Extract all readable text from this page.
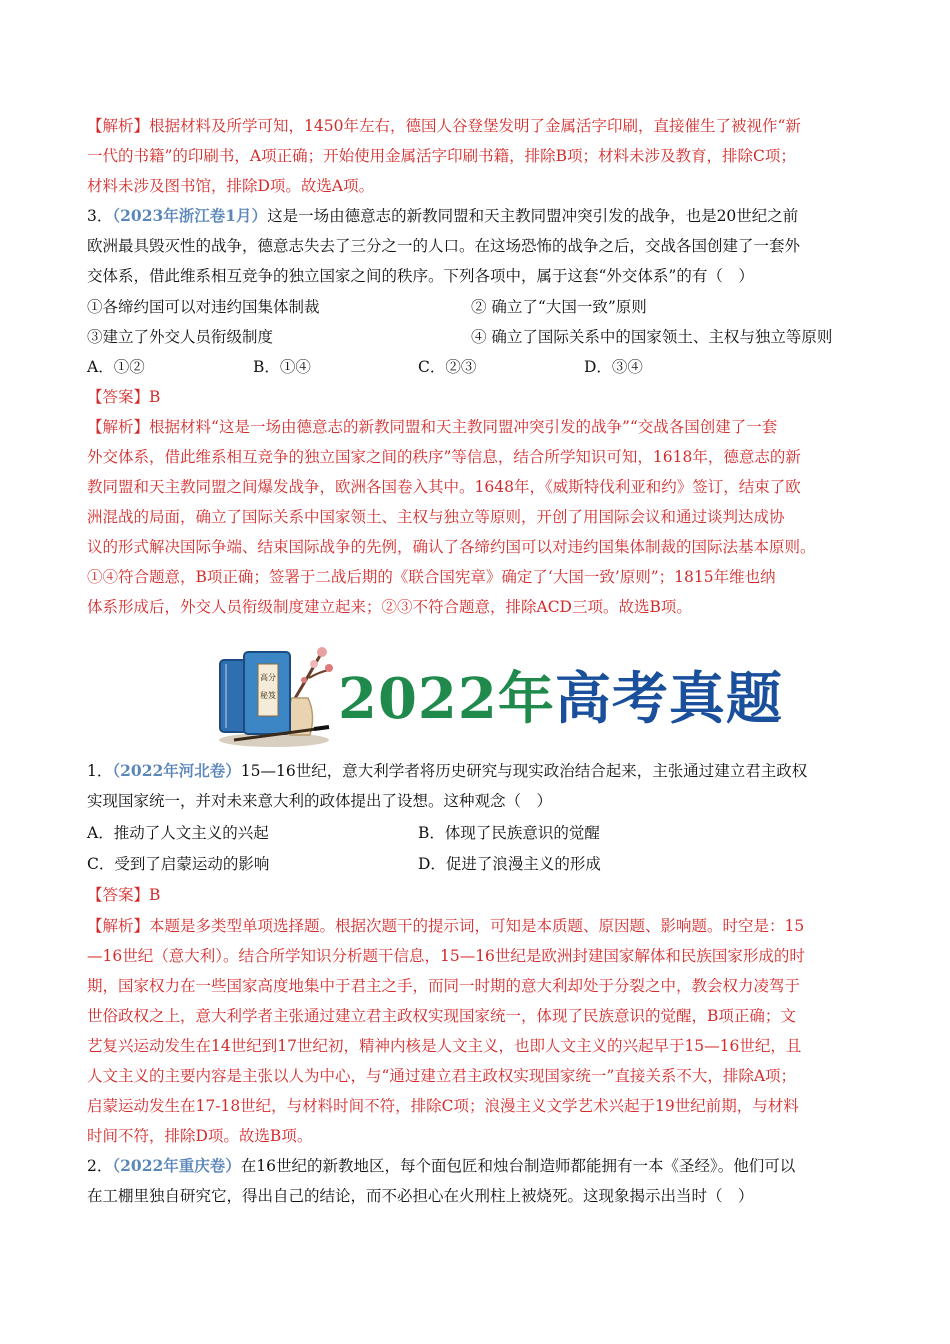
【解析】根据材料及所学可知，1450年左右，德国人谷登堡发明了金属活字印刷，直接催生了被视作“新
一代的书籍”的印刷书，A项正确；开始使用金属活字印刷书籍，排除B项；材料未涉及教育，排除C项；
材料未涉及图书馆，排除D项。故选A项。
3．（2023年浙江卷1月）这是一场由德意志的新教同盟和天主教同盟冲突引发的战争，也是20世纪之前
欧洲最具毁灭性的战争，德意志失去了三分之一的人口。在这场恐怖的战争之后，交战各国创建了一套外
交体系，借此维系相互竞争的独立国家之间的秩序。下列各项中，属于这套“外交体系”的有（　）
①各缔约国可以对违约国集体制裁	② 确立了“大国一致”原则
③建立了外交人员衔级制度	④ 确立了国际关系中的国家领土、主权与独立等原则
A．①②	B．①④	C．②③	D．③④
【答案】B
【解析】根据材料“这是一场由德意志的新教同盟和天主教同盟冲突引发的战争”“交战各国创建了一套
外交体系，借此维系相互竞争的独立国家之间的秩序”等信息，结合所学知识可知，1618年，德意志的新
教同盟和天主教同盟之间爆发战争，欧洲各国卷入其中。1648年，《威斯特伐利亚和约》签订，结束了欧
洲混战的局面，确立了国际关系中国家领土、主权与独立等原则，开创了用国际会议和通过谈判达成协
议的形式解决国际争端、结束国际战争的先例，确认了各缔约国可以对违约国集体制裁的国际法基本原则。
①④符合题意，B项正确；签署于二战后期的《联合国宪章》确定了‘大国一致’原则”；1815年维也纳
体系形成后，外交人员衔级制度建立起来；②③不符合题意，排除ACD三项。故选B项。
高分
秘笈 2022年高考真题
1．（2022年河北卷）15—16世纪，意大利学者将历史研究与现实政治结合起来，主张通过建立君主政权
实现国家统一，并对未来意大利的政体提出了设想。这种观念（　）
A．推动了人文主义的兴起	B．体现了民族意识的觉醒
C．受到了启蒙运动的影响	D．促进了浪漫主义的形成
【答案】B
【解析】本题是多类型单项选择题。根据次题干的提示词，可知是本质题、原因题、影响题。时空是：15
—16世纪（意大利）。结合所学知识分析题干信息，15—16世纪是欧洲封建国家解体和民族国家形成的时
期，国家权力在一些国家高度地集中于君主之手，而同一时期的意大利却处于分裂之中，教会权力凌驾于
世俗政权之上，意大利学者主张通过建立君主政权实现国家统一，体现了民族意识的觉醒，B项正确；文
艺复兴运动发生在14世纪到17世纪初，精神内核是人文主义，也即人文主义的兴起早于15—16世纪，且
人文主义的主要内容是主张以人为中心，与“通过建立君主政权实现国家统一”直接关系不大，排除A项；
启蒙运动发生在17-18世纪，与材料时间不符，排除C项；浪漫主义文学艺术兴起于19世纪前期，与材料
时间不符，排除D项。故选B项。
2．（2022年重庆卷）在16世纪的新教地区，每个面包匠和烛台制造师都能拥有一本《圣经》。他们可以
在工棚里独自研究它，得出自己的结论，而不必担心在火刑柱上被烧死。这现象揭示出当时（　）
